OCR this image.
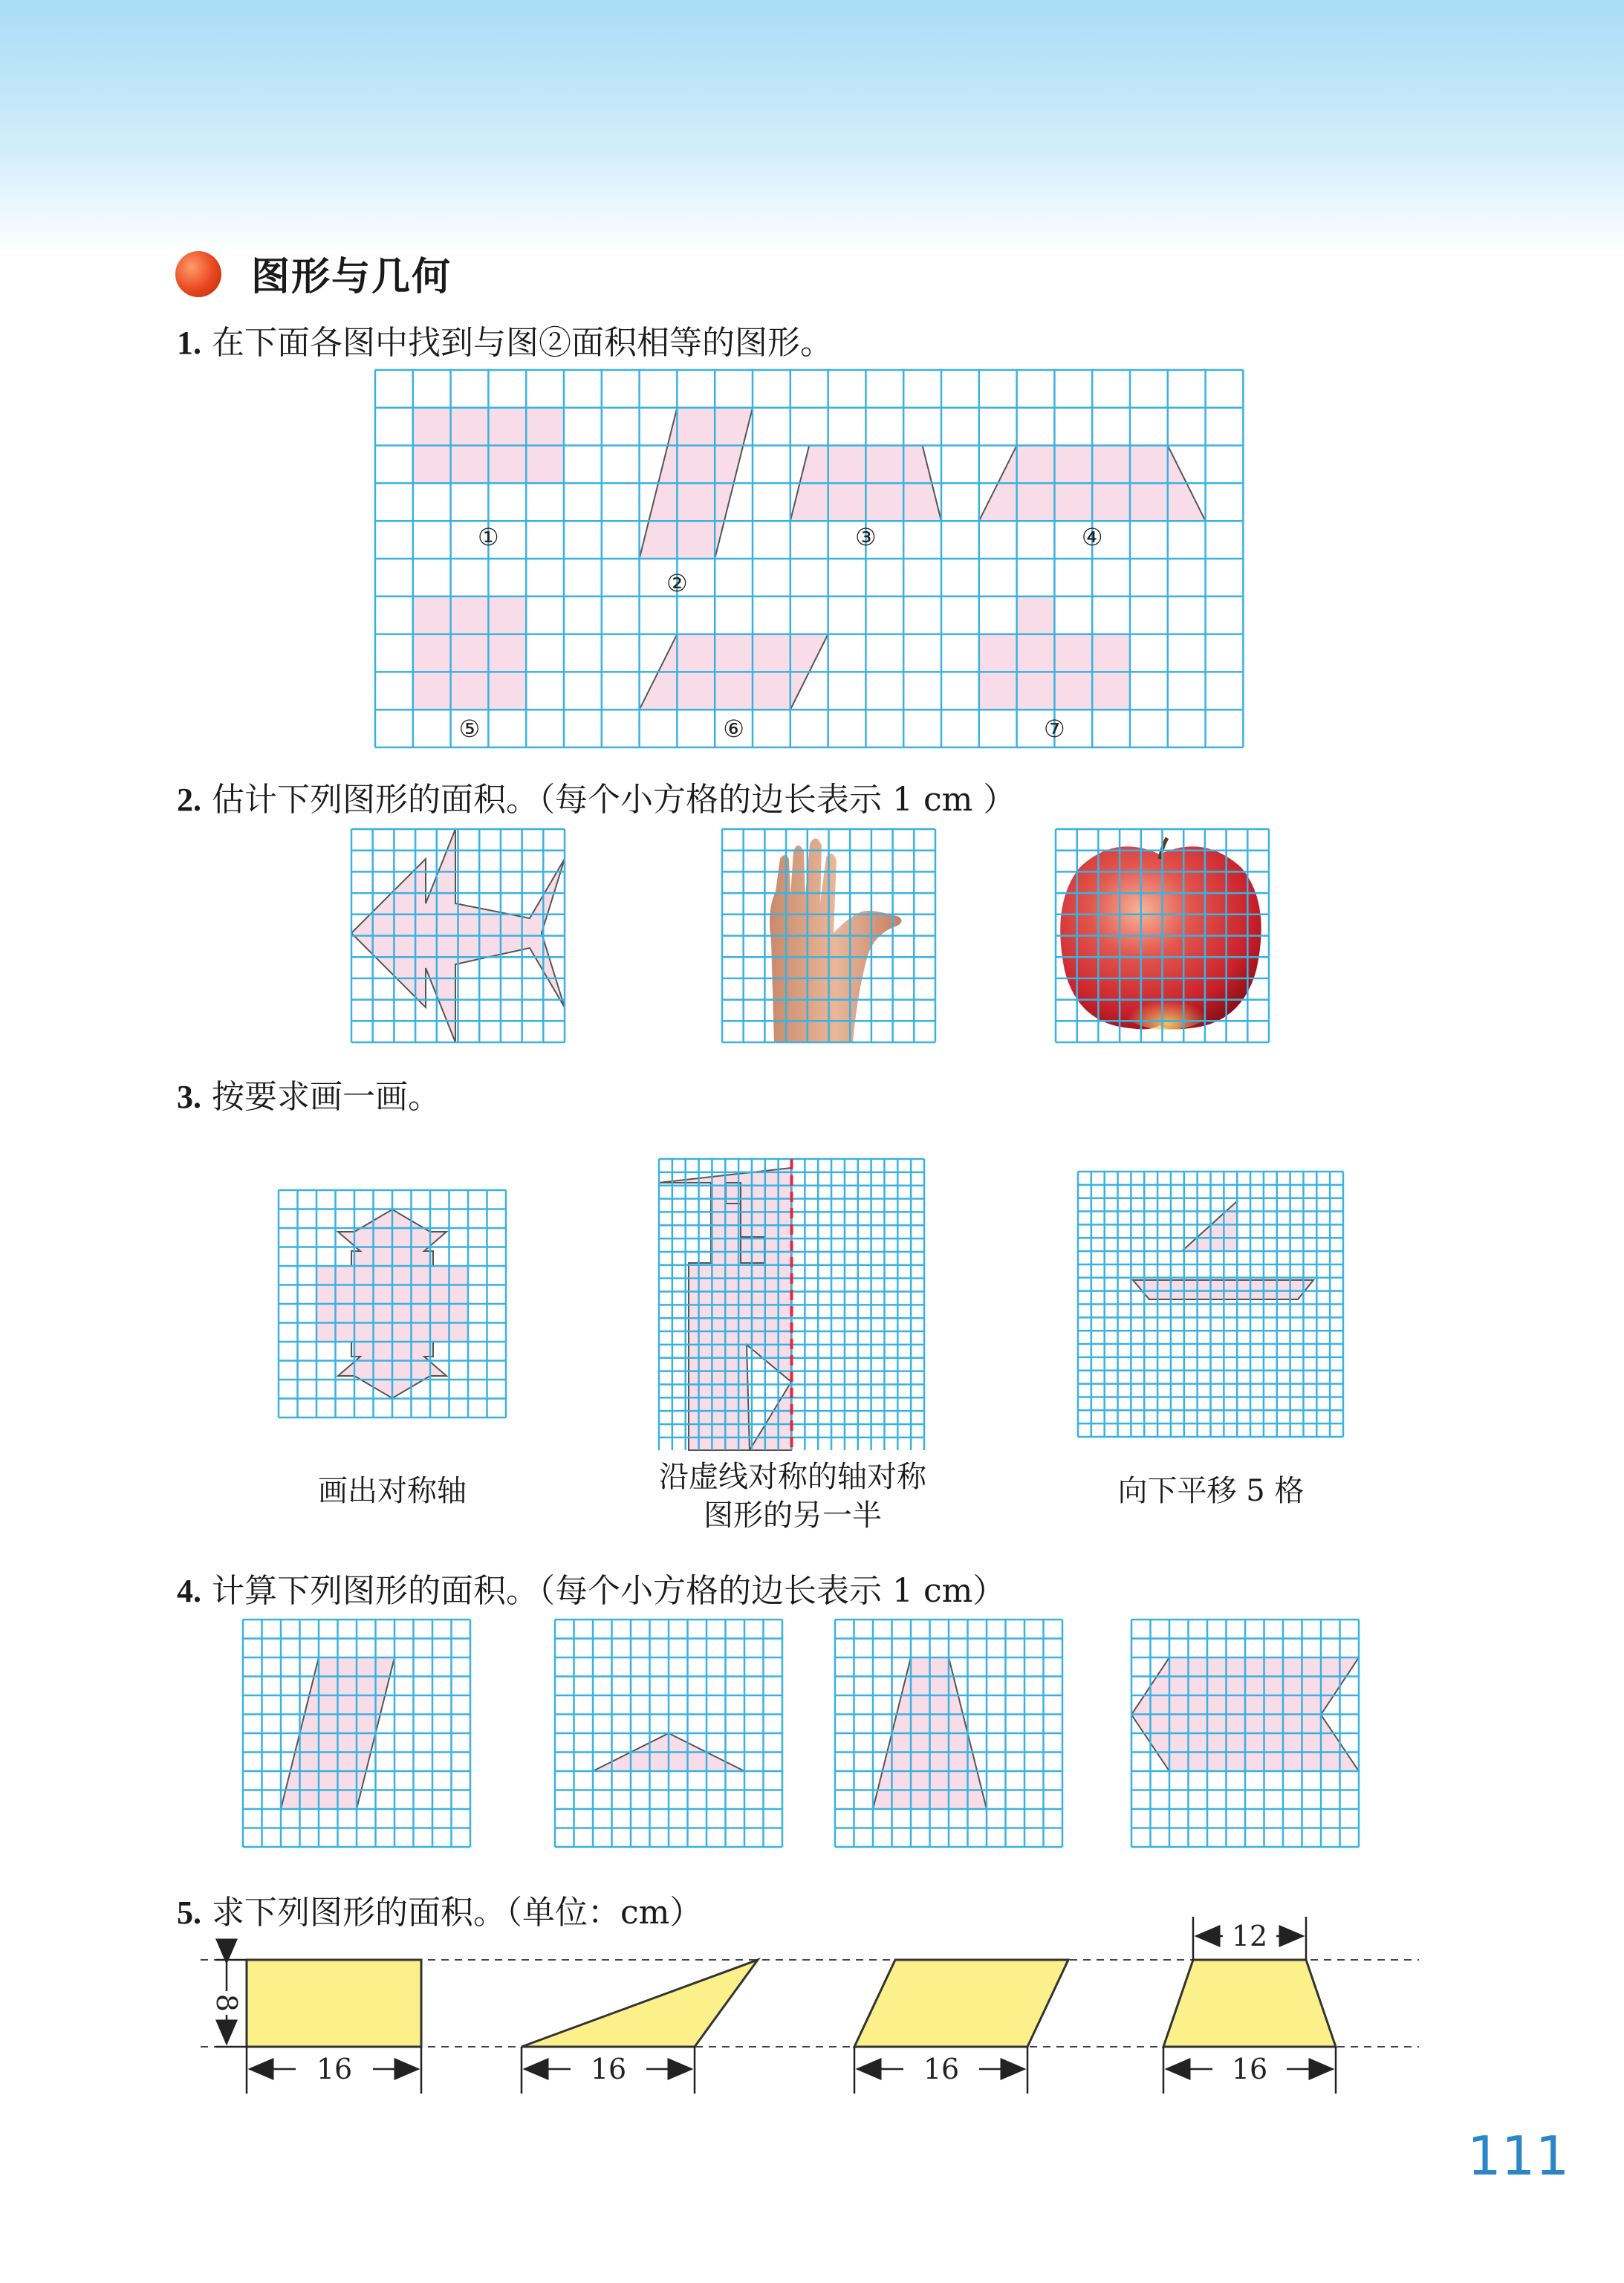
图形与几何
1. 在下面各图中找到与图②面积相等的图形。
①
②
③	④
⑤	⑥	⑦
2. 估计下列图形的面积。（每个小方格的边长表示 1 cm ）
3. 按要求画一画。
画出对称轴	沿虚线对称的轴对称图形的另一半
向下平移 5 格
4. 计算下列图形的面积。（每个小方格的边长表示 1 cm）
5. 求下列图形的面积。（单位：cm）
8
16	16	16	16
12
111
